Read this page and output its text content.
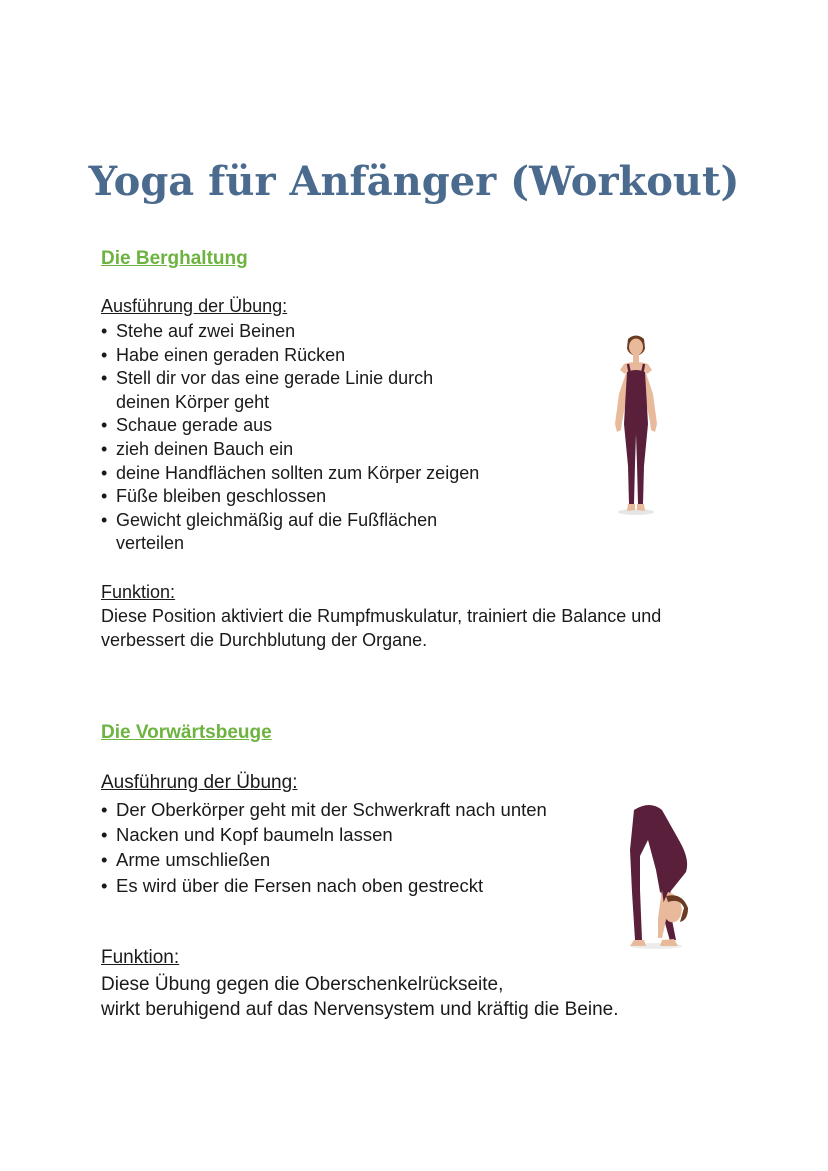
Yoga für Anfänger (Workout)
Die Berghaltung

Ausführung der Übung:

• Stehe auf zwei Beinen
• Habe einen geraden Rücken
• Stell dir vor das eine gerade Linie durch deinen Körper geht
• Schaue gerade aus
• zieh deinen Bauch ein
• deine Handflächen sollten zum Körper zeigen
• Füße bleiben geschlossen
• Gewicht gleichmäßig auf die Fußflächen verteilen

Funktion:

Diese Position aktiviert die Rumpfmuskulatur, trainiert die Balance und
verbessert die Durchblutung der Organe.

Die Vorwärtsbeuge

Ausführung der Übung:

• Der Oberkörper geht mit der Schwerkraft nach unten
• Nacken und Kopf baumeln lassen
• Arme umschließen
• Es wird über die Fersen nach oben gestreckt

Funktion:

Diese Übung gegen die Oberschenkelrückseite,
wirkt beruhigend auf das Nervensystem und kräftig die Beine.
